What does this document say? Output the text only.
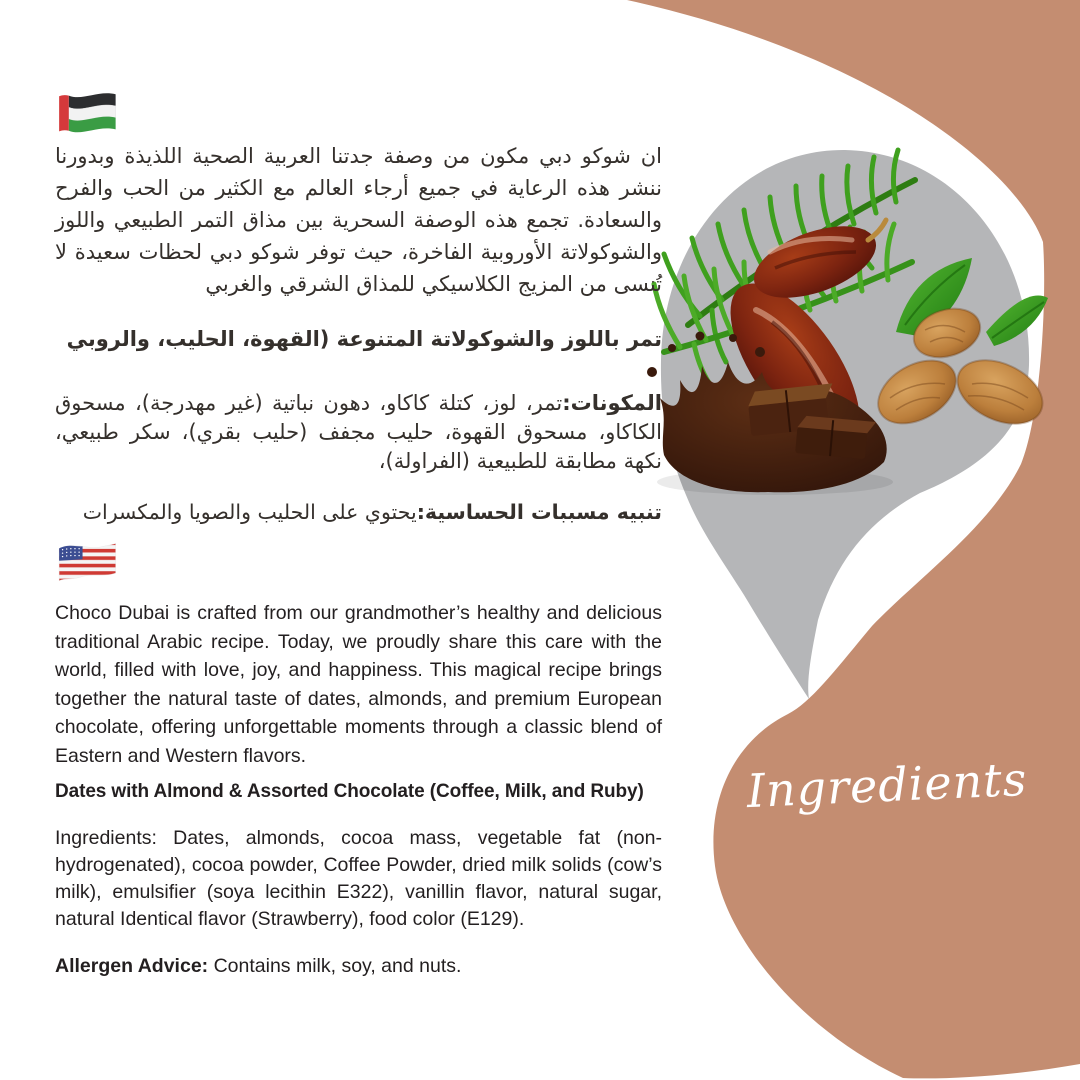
Ingredients

ان شوكو دبي مكون من وصفة جدتنا العربية الصحية اللذيذة وبدورنا ننشر هذه الرعاية في جميع أرجاء العالم مع الكثير من الحب والفرح والسعادة. تجمع هذه الوصفة السحرية بين مذاق التمر الطبيعي واللوز والشوكولاتة الأوروبية الفاخرة، حيث توفر شوكو دبي لحظات سعيدة لا تُنسى من المزيج الكلاسيكي للمذاق الشرقي والغربي

تمر باللوز والشوكولاتة المتنوعة (القهوة، الحليب، والروبي

المكونات:تمر، لوز، كتلة كاكاو، دهون نباتية (غير مهدرجة)، مسحوق الكاكاو، مسحوق القهوة، حليب مجفف (حليب بقري)، سكر طبيعي، نكهة مطابقة للطبيعية (الفراولة)،

تنبيه مسببات الحساسية:يحتوي على الحليب والصويا والمكسرات

Choco Dubai is crafted from our grandmother’s healthy and delicious traditional Arabic recipe. Today, we proudly share this care with the world, filled with love, joy, and happiness. This magical recipe brings together the natural taste of dates, almonds, and premium European chocolate, offering unforgettable moments through a classic blend of Eastern and Western flavors.

Dates with Almond & Assorted Chocolate (Coffee, Milk, and Ruby)

Ingredients: Dates, almonds, cocoa mass, vegetable fat (non-hydrogenated), cocoa powder, Coffee Powder, dried milk solids (cow’s milk), emulsifier (soya lecithin E322), vanillin flavor, natural sugar, natural Identical flavor (Strawberry), food color (E129).

Allergen Advice: Contains milk, soy, and nuts.
